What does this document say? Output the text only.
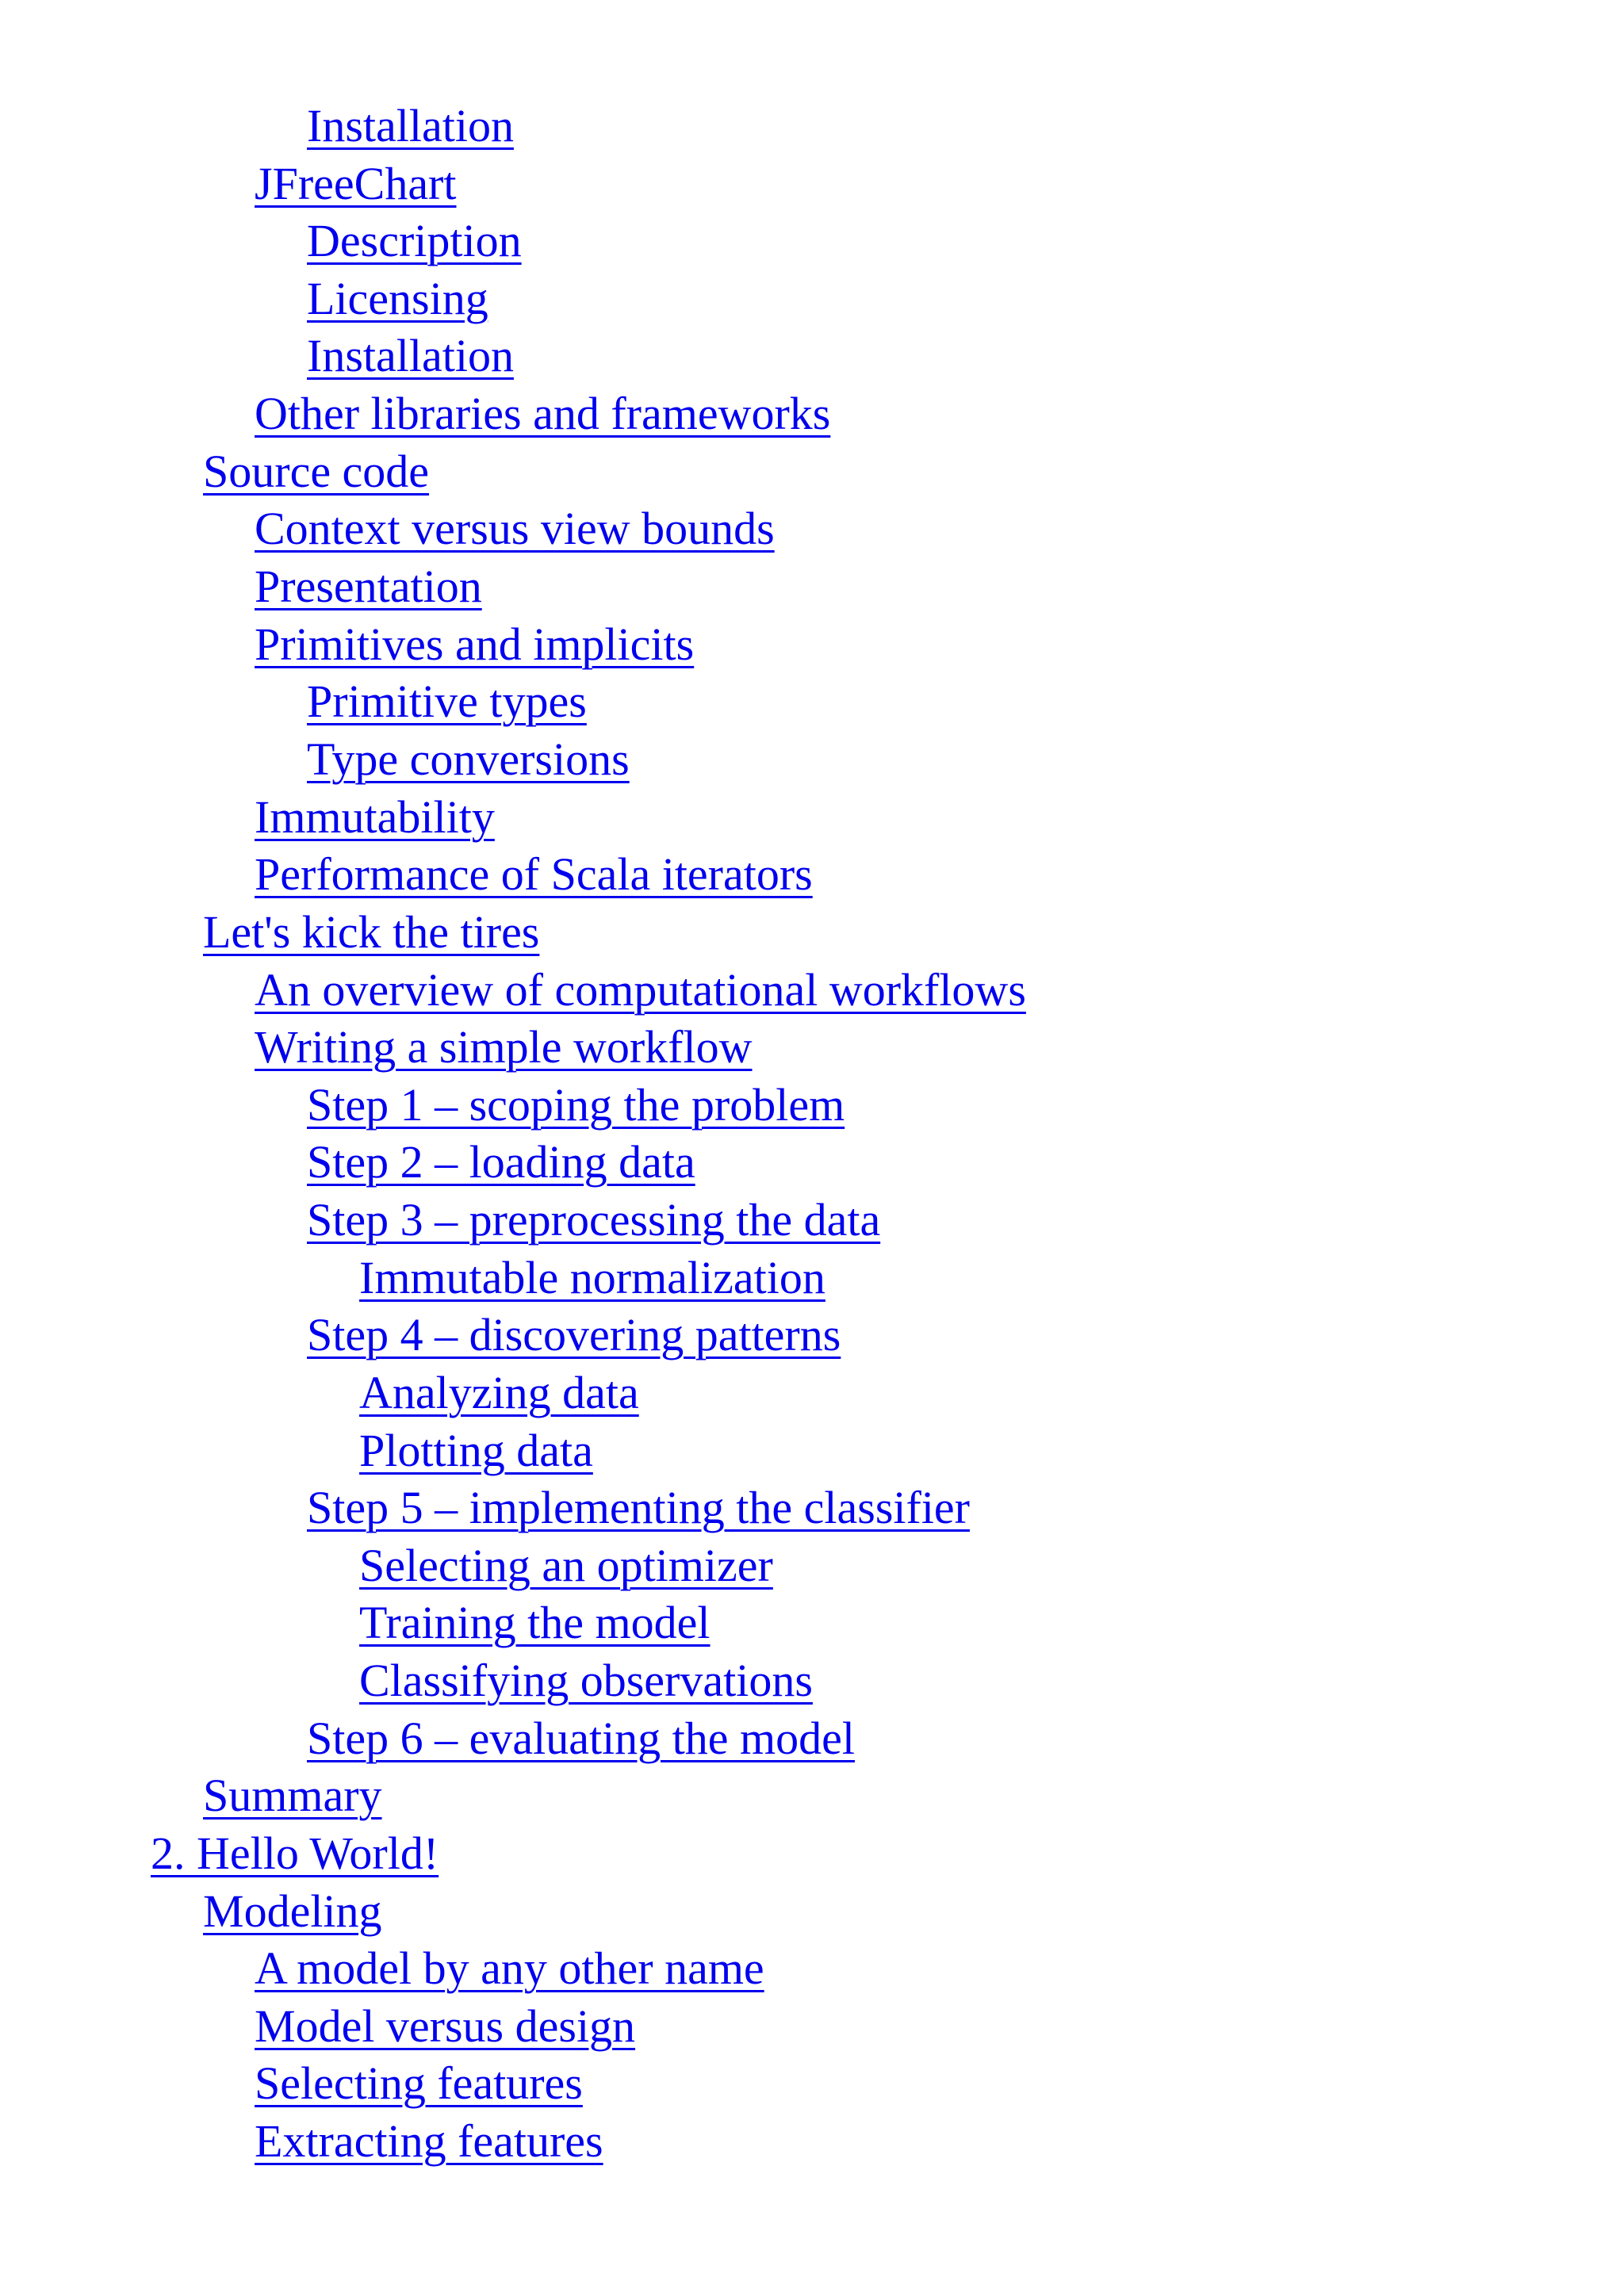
Installation
JFreeChart
Description
Licensing
Installation
Other libraries and frameworks
Source code
Context versus view bounds
Presentation
Primitives and implicits
Primitive types
Type conversions
Immutability
Performance of Scala iterators
Let's kick the tires
An overview of computational workflows
Writing a simple workflow
Step 1 – scoping the problem
Step 2 – loading data
Step 3 – preprocessing the data
Immutable normalization
Step 4 – discovering patterns
Analyzing data
Plotting data
Step 5 – implementing the classifier
Selecting an optimizer
Training the model
Classifying observations
Step 6 – evaluating the model
Summary
2. Hello World!
Modeling
A model by any other name
Model versus design
Selecting features
Extracting features
